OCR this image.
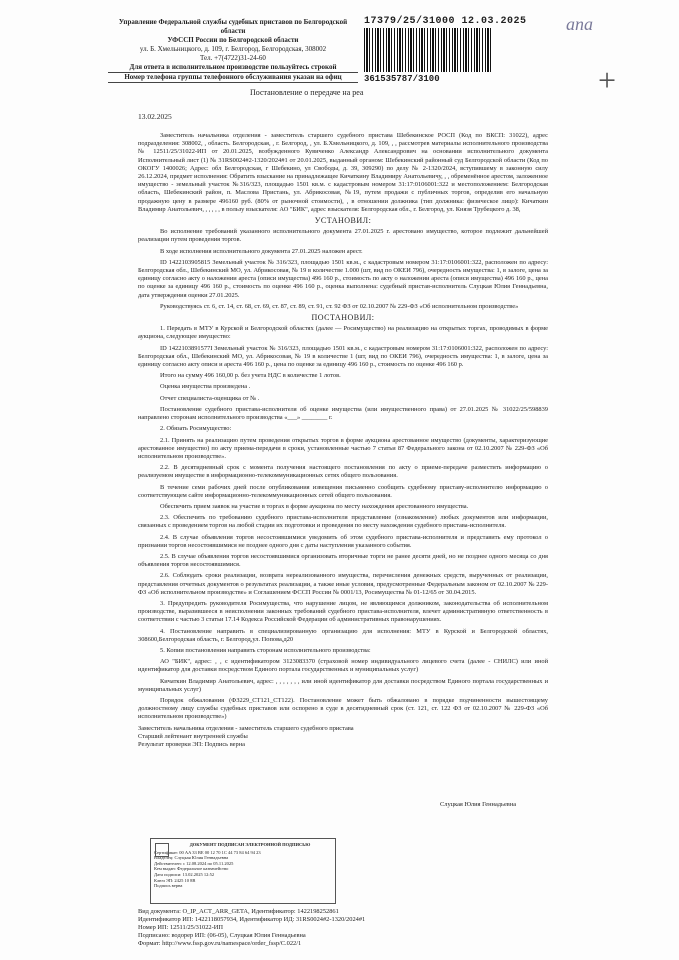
Управление Федеральной службы судебных приставов по Белгородской области
УФССП России по Белгородской области
ул. Б. Хмельницкого, д. 109, г. Белгород, Белгородская, 308002
Тел. +7(4722)31-24-60
Для ответа в исполнительном производстве пользуйтесь строкой
Номер телефона группы телефонного обслуживания указан на офиц
17379/25/31000 12.03.2025
361535787/3100
ana
+
Постановление о передаче на реа
13.02.2025

Заместитель начальника отделения - заместитель старшего судебного пристава Шебекинское РОСП (Код по ВКСП: 31022), адрес подразделения: 308002, , область. Белгородская, , г. Белгород, , ул. Б.Хмельницкого, д. 109, , , рассмотрев материалы исполнительного производства № 12511/25/31022-ИП от 20.01.2025, возбужденного Кувиченко Александр Александрович на основании исполнительного документа Исполнительный лист (1) № 31RS0024#2-1320/2024#1 от 20.01.2025, выданный органом: Шебекинский районный суд Белгородской области (Код по ОКОГУ 1400026; Адрес: обл Белгородская, г Шебекино, ул Свободы, д. 39, 309290) по делу № 2-1320/2024, вступившему в законную силу 26.12.2024, предмет исполнения: Обратить взыскание на принадлежащее Кичаткину Владимиру Анатольевичу, , , обременённое арестом, заложенное имущество - земельный участок №316/323, площадью 1501 кв.м. с кадастровым номером 31:17:0106001:322 и местоположением: Белгородская область, Шебекинский район, п. Маслова Пристань, ул. Абрикосовая, №19, путем продажи с публичных торгов, определив его начальную продажную цену в размере 496160 руб. (80% от рыночной стоимости), , в отношении должника (тип должника: физическое лицо): Кичаткин Владимир Анатольевич, , , , , , в пользу взыскателя: АО "БИК", адрес взыскателя: Белгородская обл., г. Белгород, ул. Князя Трубецкого д. 38,

УСТАНОВИЛ:

Во исполнение требований указанного исполнительного документа 27.01.2025 г. арестовано имущество, которое подлежит дальнейшей реализации путем проведения торгов.

В ходе исполнения исполнительного документа 27.01.2025 наложен арест.

ID 1422103905815 Земельный участок № 316/323, площадью 1501 кв.м., с кадастровым номером 31:17:0106001:322, расположен по адресу: Белгородская обл., Шебекинский МО, ул. Абрикосовая, № 19 в количестве 1.000 (шт, вид по ОКЕИ 796), очередность имущества: 1, в залоге, цена за единицу согласно акту о наложении ареста (описи имущества) 496 160 р., стоимость по акту о наложении ареста (описи имущества) 496 160 р., цена по оценке за единицу 496 160 р., стоимость по оценке 496 160 р., оценка выполнена: судебный пристав-исполнитель Слуцкая Юлия Геннадьевна, дата утверждения оценки 27.01.2025.

Руководствуясь ст. 6, ст. 14, ст. 68, ст. 69, ст. 87, ст. 89, ст. 91, ст. 92 ФЗ от 02.10.2007 № 229-ФЗ «Об исполнительном производстве»

ПОСТАНОВИЛ:

1. Передать в МТУ в Курской и Белгородской областях (далее — Росимущество) на реализацию на открытых торгах, проводимых в форме аукциона, следующее имущество:

ID 1422103891577I Земельный участок № 316/323, площадью 1501 кв.м., с кадастровым номером 31:17:0106001:322, расположен по адресу: Белгородская обл., Шебекинский МО, ул. Абрикосовая, № 19 в количестве 1 (шт, вид по ОКЕИ 796), очередность имущества: 1, в залоге, цена за единицу согласно акту описи и ареста 496 160 р., цена по оценке за единицу 496 160 р., стоимость по оценке 496 160 р.

Итого на сумму 496 160,00 р. без учета НДС в количестве 1 лотов.

Оценка имущества произведена .

Отчет специалиста-оценщика от № .

Постановление судебного пристава-исполнителя об оценке имущества (или имущественного права) от 27.01.2025 № 31022/25/598839 направлено сторонам исполнительного производства «___» ________ г.

2. Обязать Росимущество:

2.1. Принять на реализацию путем проведения открытых торгов в форме аукциона арестованное имущество (документы, характеризующие арестованное имущество) по акту приема-передачи в сроки, установленные частью 7 статьи 87 Федерального закона от 02.10.2007 № 229-ФЗ «Об исполнительном производстве».

2.2. В десятидневный срок с момента получения настоящего постановления по акту о приеме-передаче разместить информацию о реализуемом имуществе в информационно-телекоммуникационных сетях общего пользования.

В течение семи рабочих дней после опубликования извещения письменно сообщить судебному приставу-исполнителю информацию о соответствующем сайте информационно-телекоммуникационных сетей общего пользования.

Обеспечить прием заявок на участие в торгах в форме аукциона по месту нахождения арестованного имущества.

2.3. Обеспечить по требованию судебного пристава-исполнителя представление (ознакомление) любых документов или информации, связанных с проведением торгов на любой стадии их подготовки и проведения по месту нахождения судебного пристава-исполнителя.

2.4. В случае объявления торгов несостоявшимися уведомить об этом судебного пристава-исполнителя и представить ему протокол о признании торгов несостоявшимися не позднее одного дня с даты наступления указанного события.

2.5. В случае объявления торгов несостоявшимися организовать вторичные торги не ранее десяти дней, но не позднее одного месяца со дня объявления торгов несостоявшимися.

2.6. Соблюдать сроки реализации, возврата нереализованного имущества, перечисления денежных средств, вырученных от реализации, представления отчетных документов о результатах реализации, а также иные условия, предусмотренные Федеральным законом от 02.10.2007 № 229-ФЗ «Об исполнительном производстве» и Соглашением ФССП России № 0001/13, Росимущества № 01-12/65 от 30.04.2015.

3. Предупредить руководителя Росимущества, что нарушение лицом, не являющимся должником, законодательства об исполнительном производстве, выразившееся в неисполнении законных требований судебного пристава-исполнителя, влечет административную ответственность в соответствии с частью 3 статьи 17.14 Кодекса Российской Федерации об административных правонарушениях.

4. Постановление направить в специализированную организацию для исполнения: МТУ в Курской и Белгородской областях, 308600,Белгородская область, г. Белгород,ул. Попова,д20

5. Копии постановления направить сторонам исполнительного производства:

АО "БИК", адрес: , , с идентификатором 3123083370 (страховой номер индивидуального лицевого счета (далее - СНИЛС) или иной идентификатор для доставки посредством Единого портала государственных и муниципальных услуг)

Кичаткин Владимир Анатольевич, адрес: , , , , , , , или иной идентификатор для доставки посредством Единого портала государственных и муниципальных услуг)

Порядок обжалования (ФЗ229_CT121_CT122). Постановление может быть обжаловано в порядке подчиненности вышестоящему должностному лицу службы судебных приставов или оспорено в суде в десятидневный срок (ст. 121, ст. 122 ФЗ от 02.10.2007 № 229-ФЗ «Об исполнительном производстве»)

Заместитель начальника отделения - заместитель старшего судебного пристава

Старший лейтенант внутренней службы

Результат проверки ЭП: Подпись верна

Слуцкая Юлия Геннадьевна
ДОКУМЕНТ ПОДПИСАН ЭЛЕКТРОННОЙ ПОДПИСЬЮ
Сертификат: 00 AA 33 BE 00 12 70 1C 44 73 84 64 94 23
Владелец: Слуцкая Юлия Геннадьевна
Действителен: с 12.08.2024 по 05.11.2025
Кем выдан: Федеральное казначейство
Дата подписи: 13.02.2025 12:52
Ключ ЭП: 2425 10 8B
Подпись верна
Вид документа: O_IP_ACT_ARR_GETA, Идентификатор: 1422198252861
Идентификатор ИП: 1422118057934, Идентификатор ИД: 31RS0024#2-1320/2024#1
Номер ИП: 12511/25/31022-ИП
Подписано: водорер ИП: (06-05), Слуцкая Юлия Геннадьевна
Формат: http://www.fssp.gov.ru/namespace/order_fssp/C.022/1
